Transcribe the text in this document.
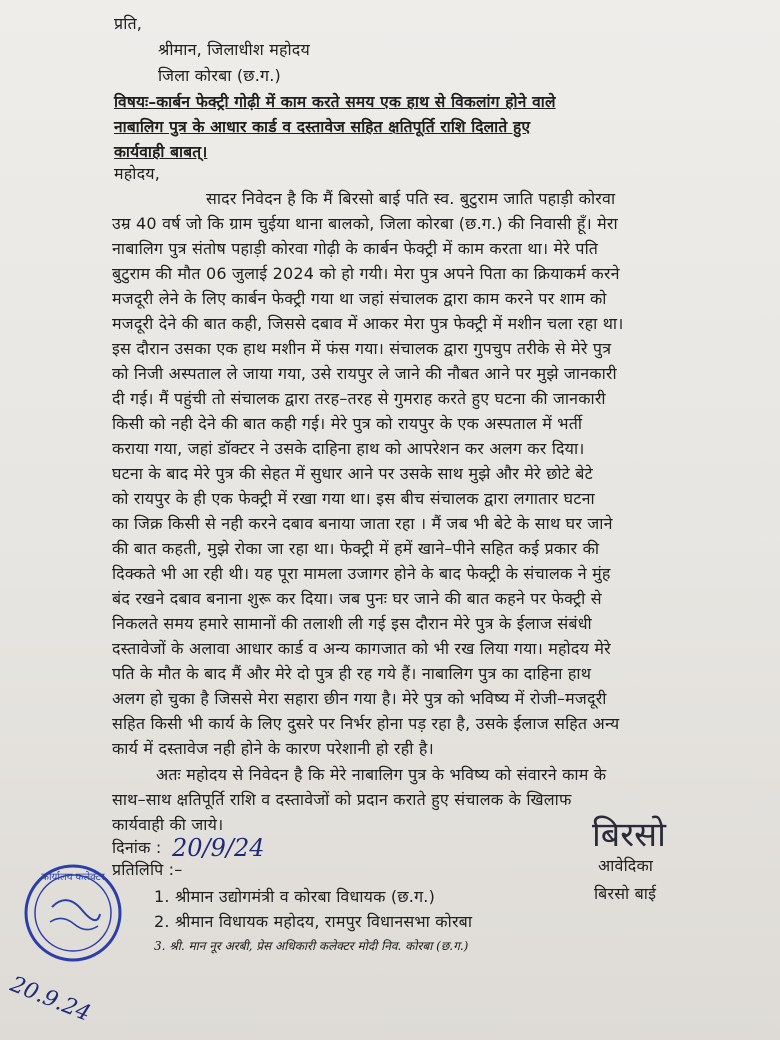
प्रति,
श्रीमान, जिलाधीश महोदय
जिला कोरबा (छ.ग.)
विषयः–कार्बन फेक्ट्री गोढ़ी में काम करते समय एक हाथ से विकलांग होने वाले
नाबालिग पुत्र के आधार कार्ड व दस्तावेज सहित क्षतिपूर्ति राशि दिलाते हुए
कार्यवाही बाबत्।
महोदय,
सादर निवेदन है कि मैं बिरसो बाई पति स्व. बुटुराम जाति पहाड़ी कोरवा
उम्र 40 वर्ष जो कि ग्राम चुईया थाना बालको, जिला कोरबा (छ.ग.) की निवासी हूँ। मेरा
नाबालिग पुत्र संतोष पहाड़ी कोरवा गोढ़ी के कार्बन फेक्ट्री में काम करता था। मेरे पति
बुटुराम की मौत 06 जुलाई 2024 को हो गयी। मेरा पुत्र अपने पिता का क्रियाकर्म करने
मजदूरी लेने के लिए कार्बन फेक्ट्री गया था जहां संचालक द्वारा काम करने पर शाम को
मजदूरी देने की बात कही, जिससे दबाव में आकर मेरा पुत्र फेक्ट्री में मशीन चला रहा था।
इस दौरान उसका एक हाथ मशीन में फंस गया। संचालक द्वारा गुपचुप तरीके से मेरे पुत्र
को निजी अस्पताल ले जाया गया, उसे रायपुर ले जाने की नौबत आने पर मुझे जानकारी
दी गई। मैं पहुंची तो संचालक द्वारा तरह–तरह से गुमराह करते हुए घटना की जानकारी
किसी को नही देने की बात कही गई। मेरे पुत्र को रायपुर के एक अस्पताल में भर्ती
कराया गया, जहां डॉक्टर ने उसके दाहिना हाथ को आपरेशन कर अलग कर दिया।
घटना के बाद मेरे पुत्र की सेहत में सुधार आने पर उसके साथ मुझे और मेरे छोटे बेटे
को रायपुर के ही एक फेक्ट्री में रखा गया था। इस बीच संचालक द्वारा लगातार घटना
का जिक्र किसी से नही करने दबाव बनाया जाता रहा । मैं जब भी बेटे के साथ घर जाने
की बात कहती, मुझे रोका जा रहा था। फेक्ट्री में हमें खाने–पीने सहित कई प्रकार की
दिक्कते भी आ रही थी। यह पूरा मामला उजागर होने के बाद फेक्ट्री के संचालक ने मुंह
बंद रखने दबाव बनाना शुरू कर दिया। जब पुनः घर जाने की बात कहने पर फेक्ट्री से
निकलते समय हमारे सामानों की तलाशी ली गई इस दौरान मेरे पुत्र के ईलाज संबंधी
दस्तावेजों के अलावा आधार कार्ड व अन्य कागजात को भी रख लिया गया। महोदय मेरे
पति के मौत के बाद मैं और मेरे दो पुत्र ही रह गये हैं। नाबालिग पुत्र का दाहिना हाथ
अलग हो चुका है जिससे मेरा सहारा छीन गया है। मेरे पुत्र को भविष्य में रोजी–मजदूरी
सहित किसी भी कार्य के लिए दुसरे पर निर्भर होना पड़ रहा है, उसके ईलाज सहित अन्य
कार्य में दस्तावेज नही होने के कारण परेशानी हो रही है।
अतः महोदय से निवेदन है कि मेरे नाबालिग पुत्र के भविष्य को संवारने काम के
साथ–साथ क्षतिपूर्ति राशि व दस्तावेजों को प्रदान कराते हुए संचालक के खिलाफ
कार्यवाही की जाये।
दिनांक : 20/9/24	बिरसो
आवेदिका
बिरसो बाई
प्रतिलिपि :–
1. श्रीमान उद्योगमंत्री व कोरबा विधायक (छ.ग.)
2. श्रीमान विधायक महोदय, रामपुर विधानसभा कोरबा
3. श्री. मान नूर अरबी, प्रेस अधिकारी कलेक्टर मोदी निव. कोरबा (छ.ग.)
कार्यालय कलेक्टर
20.9.24
